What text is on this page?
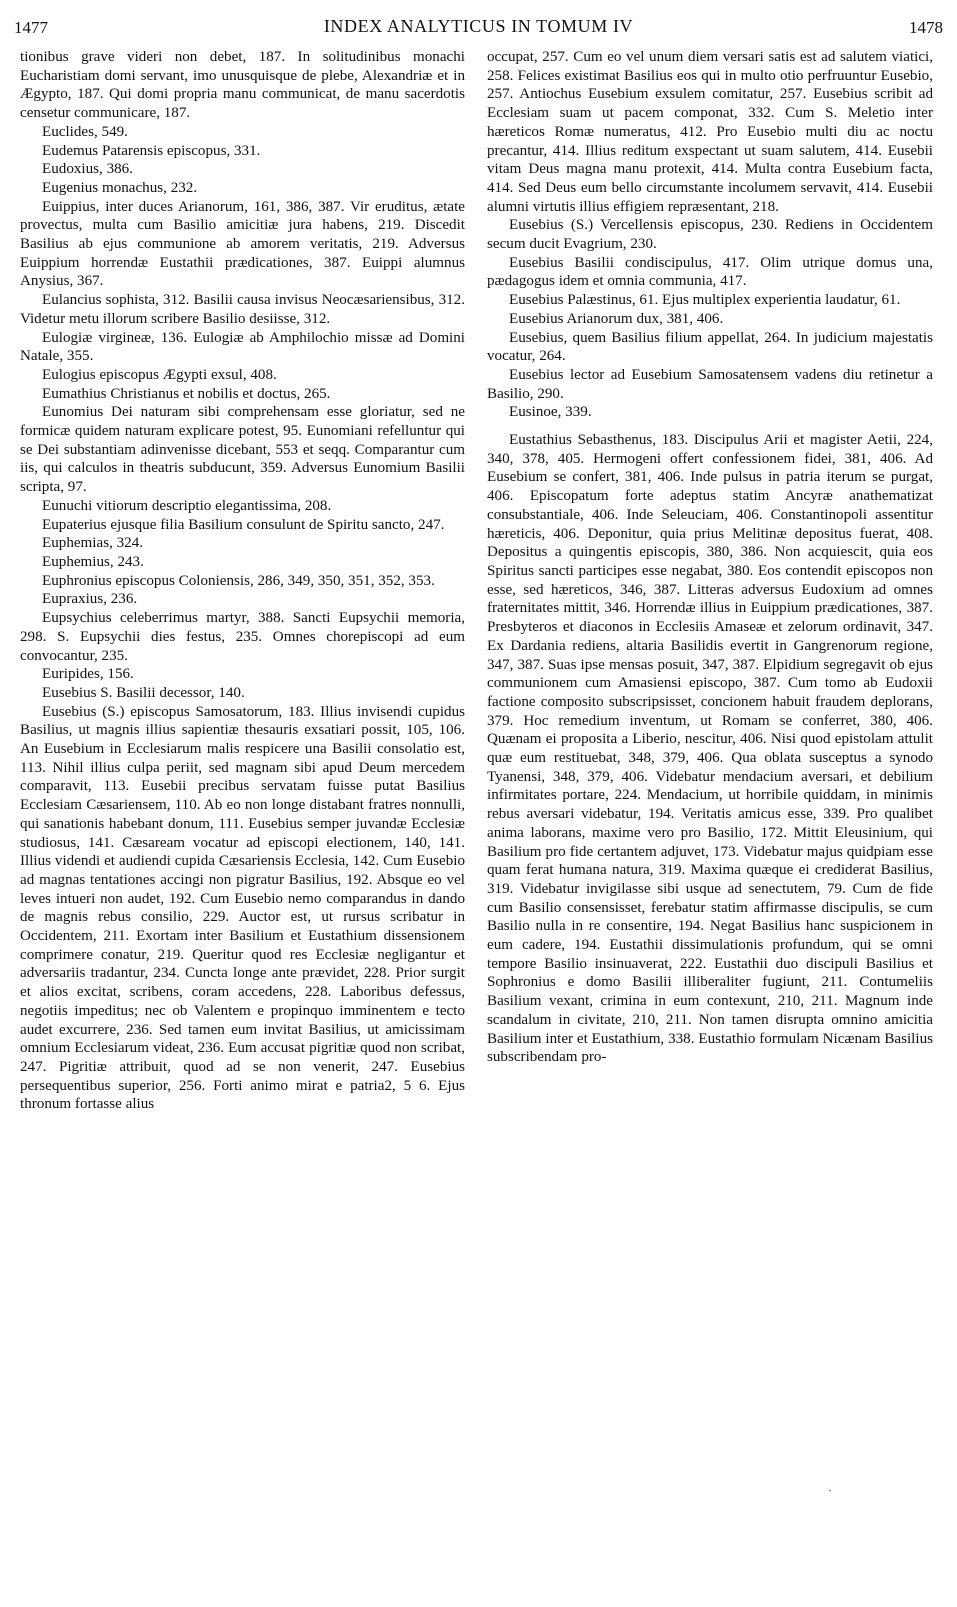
1477	INDEX ANALYTICUS IN TOMUM IV	1478

tionibus grave videri non debet, 187. In solitudinibus monachi Eucharistiam domi servant, imo unusquisque de plebe, Alexandriæ et in Ægypto, 187. Qui domi propria manu communicat, de manu sacerdotis censetur communicare, 187.

Euclides, 549.

Eudemus Patarensis episcopus, 331.

Eudoxius, 386.

Eugenius monachus, 232.

Euippius, inter duces Arianorum, 161, 386, 387. Vir eruditus, ætate provectus, multa cum Basilio amicitiæ jura habens, 219. Discedit Basilius ab ejus communione ab amorem veritatis, 219. Adversus Euippium horrendæ Eustathii prædicationes, 387. Euippi alumnus Anysius, 367.

Eulancius sophista, 312. Basilii causa invisus Neocæsariensibus, 312. Videtur metu illorum scribere Basilio desiisse, 312.

Eulogiæ virgineæ, 136. Eulogiæ ab Amphilochio missæ ad Domini Natale, 355.

Eulogius episcopus Ægypti exsul, 408.

Eumathius Christianus et nobilis et doctus, 265.

Eunomius Dei naturam sibi comprehensam esse gloriatur, sed ne formicæ quidem naturam explicare potest, 95. Eunomiani refelluntur qui se Dei substantiam adinvenisse dicebant, 553 et seqq. Comparantur cum iis, qui calculos in theatris subducunt, 359. Adversus Eunomium Basilii scripta, 97.

Eunuchi vitiorum descriptio elegantissima, 208.

Eupaterius ejusque filia Basilium consulunt de Spiritu sancto, 247.

Euphemias, 324.

Euphemius, 243.

Euphronius episcopus Coloniensis, 286, 349, 350, 351, 352, 353.

Eupraxius, 236.

Eupsychius celeberrimus martyr, 388. Sancti Eupsychii memoria, 298. S. Eupsychii dies festus, 235. Omnes chorepiscopi ad eum convocantur, 235.

Euripides, 156.

Eusebius S. Basilii decessor, 140.

Eusebius (S.) episcopus Samosatorum, 183. Illius invisendi cupidus Basilius, ut magnis illius sapientiæ thesauris exsatiari possit, 105, 106. An Eusebium in Ecclesiarum malis respicere una Basilii consolatio est, 113. Nihil illius culpa periit, sed magnam sibi apud Deum mercedem comparavit, 113. Eusebii precibus servatam fuisse putat Basilius Ecclesiam Cæsariensem, 110. Ab eo non longe distabant fratres nonnulli, qui sanationis habebant donum, 111. Eusebius semper juvandæ Ecclesiæ studiosus, 141. Cæsaream vocatur ad episcopi electionem, 140, 141. Illius videndi et audiendi cupida Cæsariensis Ecclesia, 142. Cum Eusebio ad magnas tentationes accingi non pigratur Basilius, 192. Absque eo vel leves intueri non audet, 192. Cum Eusebio nemo comparandus in dando de magnis rebus consilio, 229. Auctor est, ut rursus scribatur in Occidentem, 211. Exortam inter Basilium et Eustathium dissensionem comprimere conatur, 219. Queritur quod res Ecclesiæ negligantur et adversariis tradantur, 234. Cuncta longe ante prævidet, 228. Prior surgit et alios excitat, scribens, coram accedens, 228. Laboribus defessus, negotiis impeditus; nec ob Valentem e propinquo imminentem e tecto audet excurrere, 236. Sed tamen eum invitat Basilius, ut amicissimam omnium Ecclesiarum videat, 236. Eum accusat pigritiæ quod non scribat, 247. Pigritiæ attribuit, quod ad se non venerit, 247. Eusebius persequentibus superior, 256. Forti animo mirat e patria2, 5 6. Ejus thronum fortasse alius

occupat, 257. Cum eo vel unum diem versari satis est ad salutem viatici, 258. Felices existimat Basilius eos qui in multo otio perfruuntur Eusebio, 257. Antiochus Eusebium exsulem comitatur, 257. Eusebius scribit ad Ecclesiam suam ut pacem componat, 332. Cum S. Meletio inter hæreticos Romæ numeratus, 412. Pro Eusebio multi diu ac noctu precantur, 414. Illius reditum exspectant ut suam salutem, 414. Eusebii vitam Deus magna manu protexit, 414. Multa contra Eusebium facta, 414. Sed Deus eum bello circumstante incolumem servavit, 414. Eusebii alumni virtutis illius effigiem repræsentant, 218.

Eusebius (S.) Vercellensis episcopus, 230. Rediens in Occidentem secum ducit Evagrium, 230.

Eusebius Basilii condiscipulus, 417. Olim utrique domus una, pædagogus idem et omnia communia, 417.

Eusebius Palæstinus, 61. Ejus multiplex experientia laudatur, 61.

Eusebius Arianorum dux, 381, 406.

Eusebius, quem Basilius filium appellat, 264. In judicium majestatis vocatur, 264.

Eusebius lector ad Eusebium Samosatensem vadens diu retinetur a Basilio, 290.

Eusinoe, 339.

Eustathius Sebasthenus, 183. Discipulus Arii et magister Aetii, 224, 340, 378, 405. Hermogeni offert confessionem fidei, 381, 406. Ad Eusebium se confert, 381, 406. Inde pulsus in patria iterum se purgat, 406. Episcopatum forte adeptus statim Ancyræ anathematizat consubstantiale, 406. Inde Seleuciam, 406. Constantinopoli assentitur hæreticis, 406. Deponitur, quia prius Melitinæ depositus fuerat, 408. Depositus a quingentis episcopis, 380, 386. Non acquiescit, quia eos Spiritus sancti participes esse negabat, 380. Eos contendit episcopos non esse, sed hæreticos, 346, 387. Litteras adversus Eudoxium ad omnes fraternitates mittit, 346. Horrendæ illius in Euippium prædicationes, 387. Presbyteros et diaconos in Ecclesiis Amaseæ et zelorum ordinavit, 347. Ex Dardania rediens, altaria Basilidis evertit in Gangrenorum regione, 347, 387. Suas ipse mensas posuit, 347, 387. Elpidium segregavit ob ejus communionem cum Amasiensi episcopo, 387. Cum tomo ab Eudoxii factione composito subscripsisset, concionem habuit fraudem deplorans, 379. Hoc remedium inventum, ut Romam se conferret, 380, 406. Quænam ei proposita a Liberio, nescitur, 406. Nisi quod epistolam attulit quæ eum restituebat, 348, 379, 406. Qua oblata susceptus a synodo Tyanensi, 348, 379, 406. Videbatur mendacium aversari, et debilium infirmitates portare, 224. Mendacium, ut horribile quiddam, in minimis rebus aversari videbatur, 194. Veritatis amicus esse, 339. Pro qualibet anima laborans, maxime vero pro Basilio, 172. Mittit Eleusinium, qui Basilium pro fide certantem adjuvet, 173. Videbatur majus quidpiam esse quam ferat humana natura, 319. Maxima quæque ei crediderat Basilius, 319. Videbatur invigilasse sibi usque ad senectutem, 79. Cum de fide cum Basilio consensisset, ferebatur statim affirmasse discipulis, se cum Basilio nulla in re consentire, 194. Negat Basilius hanc suspicionem in eum cadere, 194. Eustathii dissimulationis profundum, qui se omni tempore Basilio insinuaverat, 222. Eustathii duo discipuli Basilius et Sophronius e domo Basilii illiberaliter fugiunt, 211. Contumeliis Basilium vexant, crimina in eum contexunt, 210, 211. Magnum inde scandalum in civitate, 210, 211. Non tamen disrupta omnino amicitia Basilium inter et Eustathium, 338. Eustathio formulam Nicænam Basilius subscribendam pro-

`
